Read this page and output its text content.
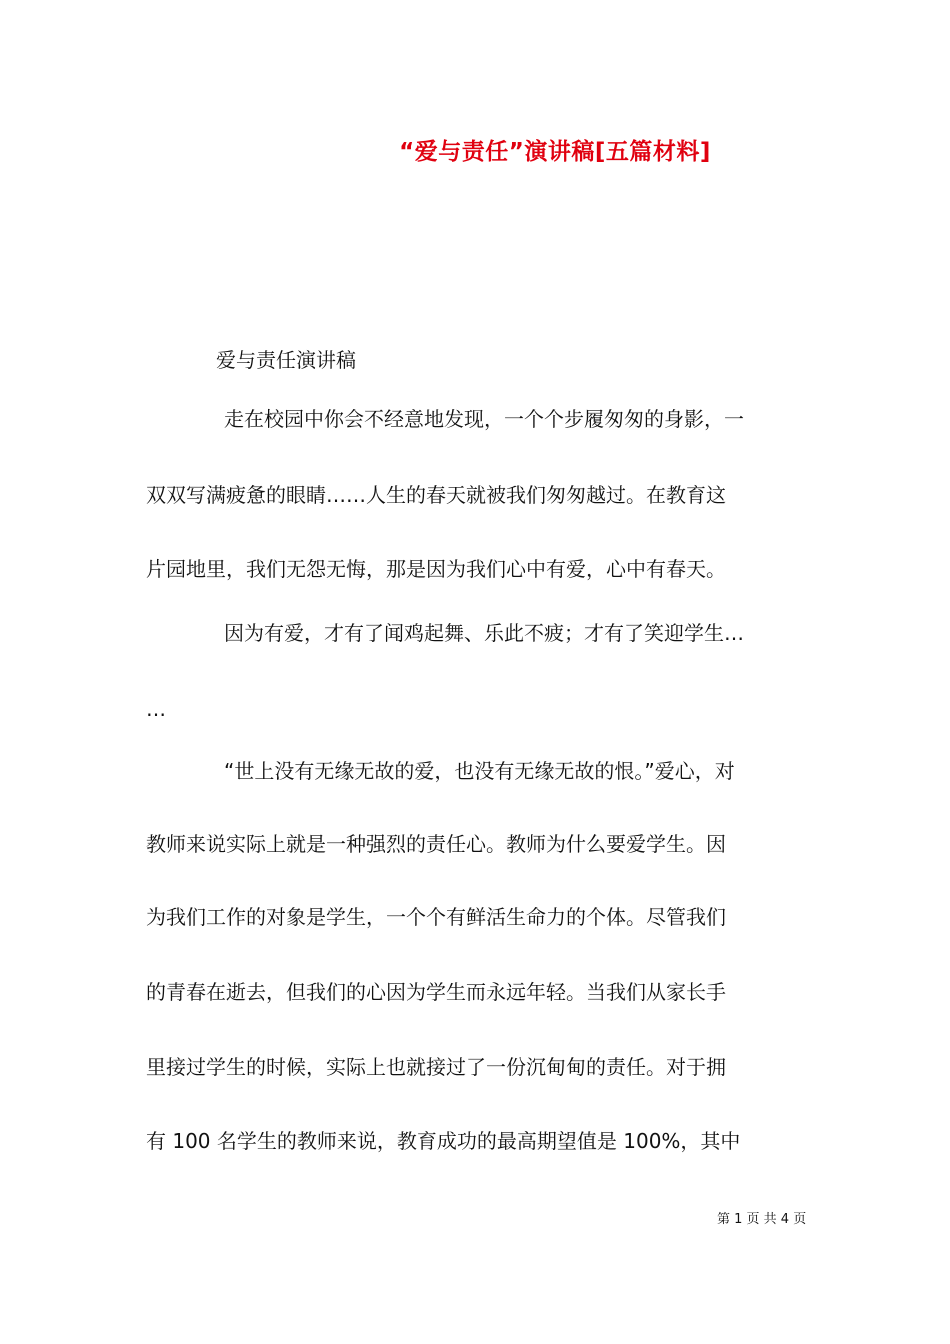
“爱与责任”演讲稿[五篇材料]
爱与责任演讲稿
走在校园中你会不经意地发现，一个个步履匆匆的身影，一
双双写满疲惫的眼睛……人生的春天就被我们匆匆越过。在教育这
片园地里，我们无怨无悔，那是因为我们心中有爱，心中有春天。
因为有爱，才有了闻鸡起舞、乐此不疲；才有了笑迎学生…
…
“世上没有无缘无故的爱，也没有无缘无故的恨。”爱心，对
教师来说实际上就是一种强烈的责任心。教师为什么要爱学生。因
为我们工作的对象是学生，一个个有鲜活生命力的个体。尽管我们
的青春在逝去，但我们的心因为学生而永远年轻。当我们从家长手
里接过学生的时候，实际上也就接过了一份沉甸甸的责任。对于拥
有 100 名学生的教师来说，教育成功的最高期望值是 100%，其中
第 1 页 共 4 页
